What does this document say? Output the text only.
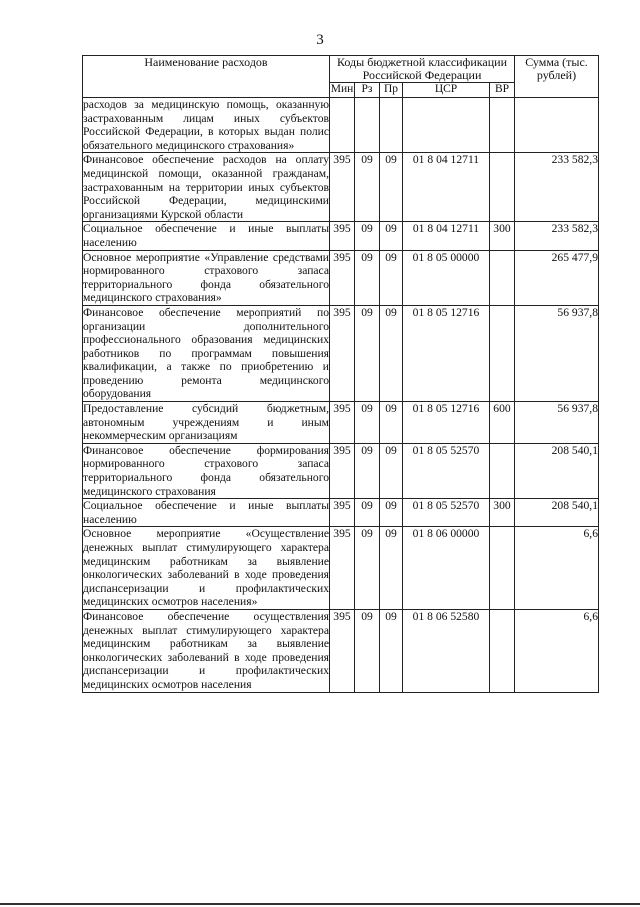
3
Наименование расходов	Коды бюджетной классификации Российской Федерации					Сумма (тыс. рублей)
	Мин	Рз	Пр	ЦСР	ВР	
расходов за медицинскую помощь, оказанную застрахованным лицам иных субъектов Российской Федерации, в которых выдан полис обязательного медицинского страхования»						
Финансовое обеспечение расходов на оплату медицинской помощи, оказанной гражданам, застрахованным на территории иных субъектов Российской Федерации, медицинскими организациями Курской области	395	09	09	01 8 04 12711		233 582,3
Социальное обеспечение и иные выплаты населению	395	09	09	01 8 04 12711	300	233 582,3
Основное мероприятие «Управление средствами нормированного страхового запаса территориального фонда обязательного медицинского страхования»	395	09	09	01 8 05 00000		265 477,9
Финансовое обеспечение мероприятий по организации дополнительного профессионального образования медицинских работников по программам повышения квалификации, а также по приобретению и проведению ремонта медицинского оборудования	395	09	09	01 8 05 12716		56 937,8
Предоставление субсидий бюджетным, автономным учреждениям и иным некоммерческим организациям	395	09	09	01 8 05 12716	600	56 937,8
Финансовое обеспечение формирования нормированного страхового запаса территориального фонда обязательного медицинского страхования	395	09	09	01 8 05 52570		208 540,1
Социальное обеспечение и иные выплаты населению	395	09	09	01 8 05 52570	300	208 540,1
Основное мероприятие «Осуществление денежных выплат стимулирующего характера медицинским работникам за выявление онкологических заболеваний в ходе проведения диспансеризации и профилактических медицинских осмотров населения»	395	09	09	01 8 06 00000		6,6
Финансовое обеспечение осуществления денежных выплат стимулирующего характера медицинским работникам за выявление онкологических заболеваний в ходе проведения диспансеризации и профилактических медицинских осмотров населения	395	09	09	01 8 06 52580		6,6
